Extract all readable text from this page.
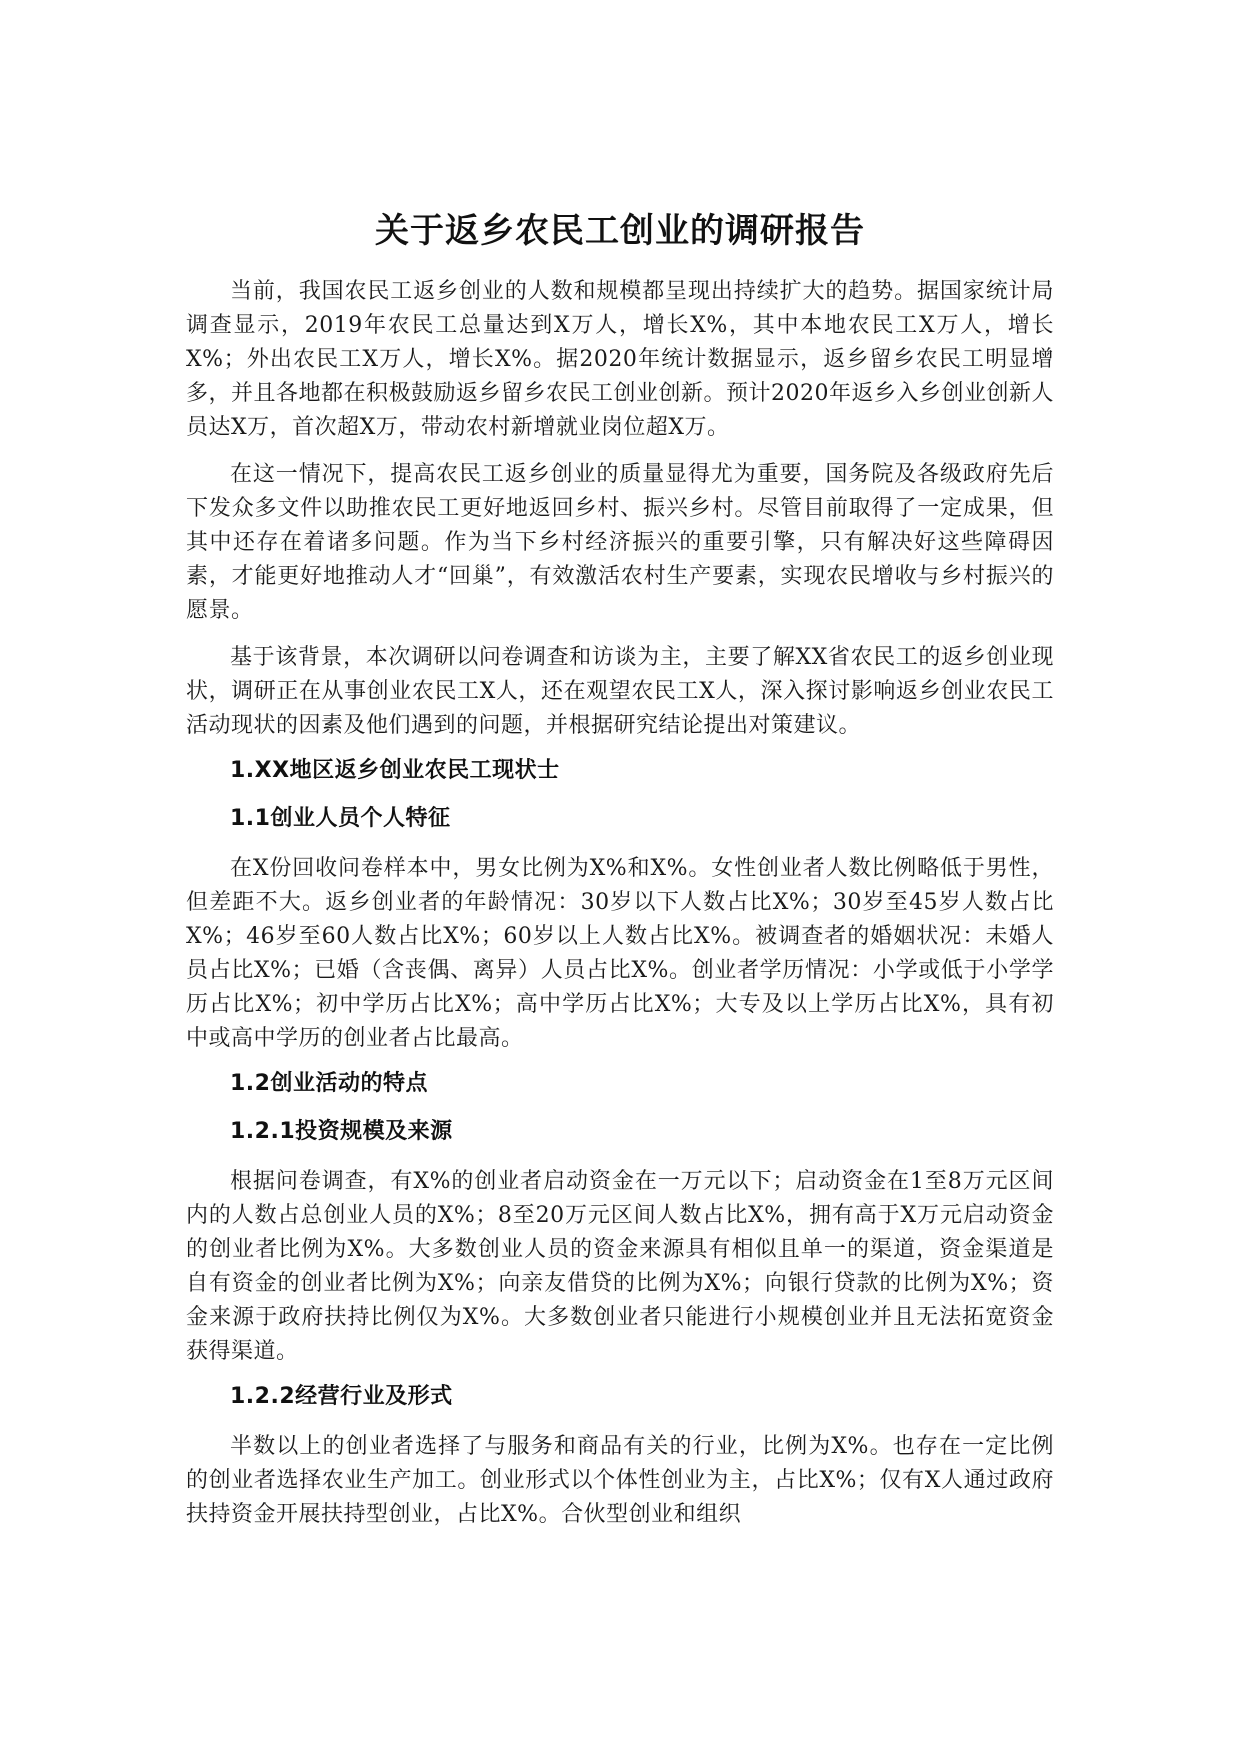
关于返乡农民工创业的调研报告

当前，我国农民工返乡创业的人数和规模都呈现出持续扩大的趋势。据国家统计局调查显示，2019年农民工总量达到X万人，增长X%，其中本地农民工X万人，增长X%；外出农民工X万人，增长X%。据2020年统计数据显示，返乡留乡农民工明显增多，并且各地都在积极鼓励返乡留乡农民工创业创新。预计2020年返乡入乡创业创新人员达X万，首次超X万，带动农村新增就业岗位超X万。

在这一情况下，提高农民工返乡创业的质量显得尤为重要，国务院及各级政府先后下发众多文件以助推农民工更好地返回乡村、振兴乡村。尽管目前取得了一定成果，但其中还存在着诸多问题。作为当下乡村经济振兴的重要引擎，只有解决好这些障碍因素，才能更好地推动人才“回巢”，有效激活农村生产要素，实现农民增收与乡村振兴的愿景。

基于该背景，本次调研以问卷调查和访谈为主，主要了解XX省农民工的返乡创业现状，调研正在从事创业农民工X人，还在观望农民工X人，深入探讨影响返乡创业农民工活动现状的因素及他们遇到的问题，并根据研究结论提出对策建议。

1.XX地区返乡创业农民工现状士
1.1创业人员个人特征

在X份回收问卷样本中，男女比例为X%和X%。女性创业者人数比例略低于男性，但差距不大。返乡创业者的年龄情况：30岁以下人数占比X%；30岁至45岁人数占比X%；46岁至60人数占比X%；60岁以上人数占比X%。被调查者的婚姻状况：未婚人员占比X%；已婚（含丧偶、离异）人员占比X%。创业者学历情况：小学或低于小学学历占比X%；初中学历占比X%；高中学历占比X%；大专及以上学历占比X%，具有初中或高中学历的创业者占比最高。

1.2创业活动的特点
1.2.1投资规模及来源

根据问卷调查，有X%的创业者启动资金在一万元以下；启动资金在1至8万元区间内的人数占总创业人员的X%；8至20万元区间人数占比X%，拥有高于X万元启动资金的创业者比例为X%。大多数创业人员的资金来源具有相似且单一的渠道，资金渠道是自有资金的创业者比例为X%；向亲友借贷的比例为X%；向银行贷款的比例为X%；资金来源于政府扶持比例仅为X%。大多数创业者只能进行小规模创业并且无法拓宽资金获得渠道。

1.2.2经营行业及形式

半数以上的创业者选择了与服务和商品有关的行业，比例为X%。也存在一定比例的创业者选择农业生产加工。创业形式以个体性创业为主，占比X%；仅有X人通过政府扶持资金开展扶持型创业，占比X%。合伙型创业和组织
